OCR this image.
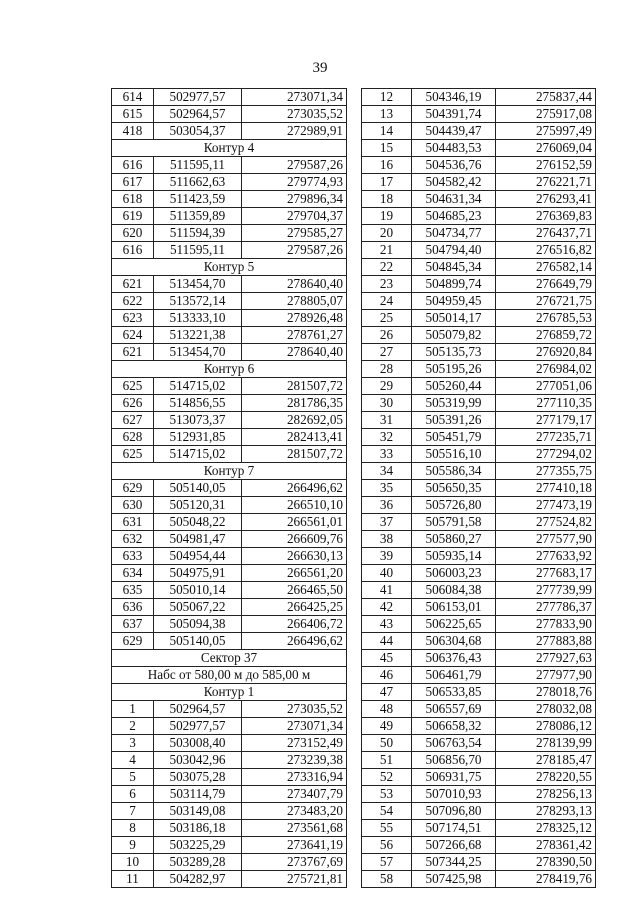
39
614	502977,57	273071,34
615	502964,57	273035,52
418	503054,37	272989,91
Контур 4		
616	511595,11	279587,26
617	511662,63	279774,93
618	511423,59	279896,34
619	511359,89	279704,37
620	511594,39	279585,27
616	511595,11	279587,26
Контур 5		
621	513454,70	278640,40
622	513572,14	278805,07
623	513333,10	278926,48
624	513221,38	278761,27
621	513454,70	278640,40
Контур 6		
625	514715,02	281507,72
626	514856,55	281786,35
627	513073,37	282692,05
628	512931,85	282413,41
625	514715,02	281507,72
Контур 7		
629	505140,05	266496,62
630	505120,31	266510,10
631	505048,22	266561,01
632	504981,47	266609,76
633	504954,44	266630,13
634	504975,91	266561,20
635	505010,14	266465,50
636	505067,22	266425,25
637	505094,38	266406,72
629	505140,05	266496,62
Сектор 37		
Набс от 580,00 м до 585,00 м		
Контур 1		
1	502964,57	273035,52
2	502977,57	273071,34
3	503008,40	273152,49
4	503042,96	273239,38
5	503075,28	273316,94
6	503114,79	273407,79
7	503149,08	273483,20
8	503186,18	273561,68
9	503225,29	273641,19
10	503289,28	273767,69
11	504282,97	275721,81
12	504346,19	275837,44
13	504391,74	275917,08
14	504439,47	275997,49
15	504483,53	276069,04
16	504536,76	276152,59
17	504582,42	276221,71
18	504631,34	276293,41
19	504685,23	276369,83
20	504734,77	276437,71
21	504794,40	276516,82
22	504845,34	276582,14
23	504899,74	276649,79
24	504959,45	276721,75
25	505014,17	276785,53
26	505079,82	276859,72
27	505135,73	276920,84
28	505195,26	276984,02
29	505260,44	277051,06
30	505319,99	277110,35
31	505391,26	277179,17
32	505451,79	277235,71
33	505516,10	277294,02
34	505586,34	277355,75
35	505650,35	277410,18
36	505726,80	277473,19
37	505791,58	277524,82
38	505860,27	277577,90
39	505935,14	277633,92
40	506003,23	277683,17
41	506084,38	277739,99
42	506153,01	277786,37
43	506225,65	277833,90
44	506304,68	277883,88
45	506376,43	277927,63
46	506461,79	277977,90
47	506533,85	278018,76
48	506557,69	278032,08
49	506658,32	278086,12
50	506763,54	278139,99
51	506856,70	278185,47
52	506931,75	278220,55
53	507010,93	278256,13
54	507096,80	278293,13
55	507174,51	278325,12
56	507266,68	278361,42
57	507344,25	278390,50
58	507425,98	278419,76
